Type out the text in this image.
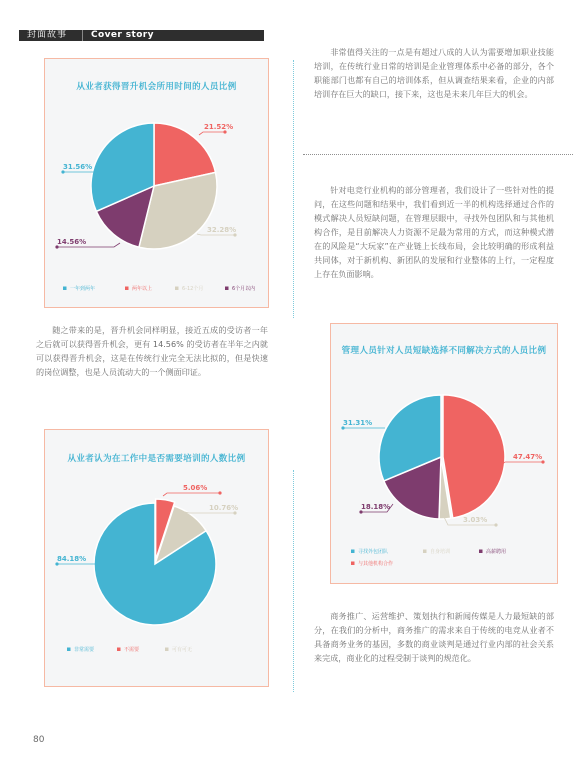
封面故事	Cover story
从业者获得晋升机会所用时间的人员比例
21.52%
32.28%
14.56%
31.56%
一年到两年	两年以上	6-12个月	6个月以内
从业者认为在工作中是否需要培训的人数比例
5.06%
10.76%
84.18%
非常需要	不需要	可有可无
管理人员针对人员短缺选择不同解决方式的人员比例
47.47%
3.03%
18.18%
31.31%
寻找外包团队
与其他机构合作
自身培训	高薪聘用

非常值得关注的一点是有超过八成的人认为需要增加职业技能培训，在传统行业日常的培训是企业管理体系中必备的部分，各个职能部门也都有自己的培训体系，但从调查结果来看，企业的内部培训存在巨大的缺口，接下来，这也是未来几年巨大的机会。

针对电竞行业机构的部分管理者，我们设计了一些针对性的提问，在这些问题和结果中，我们看到近一半的机构选择通过合作的模式解决人员短缺问题，在管理层眼中，寻找外包团队和与其他机构合作，是目前解决人力资源不足最为常用的方式，而这种模式潜在的风险是“大玩家”在产业链上长线布局，会比较明确的形成利益共同体，对于新机构、新团队的发展和行业整体的上行，一定程度上存在负面影响。

随之带来的是，晋升机会同样明显，接近五成的受访者一年之后就可以获得晋升机会，更有 14.56% 的受访者在半年之内就可以获得晋升机会，这是在传统行业完全无法比拟的，但是快速的岗位调整，也是人员流动大的一个侧面印证。

商务推广、运营维护、策划执行和新闻传媒是人力最短缺的部分，在我们的分析中，商务推广的需求来自于传统的电竞从业者不具备商务业务的基因，多数的商业谈判是通过行业内部的社会关系来完成，商业化的过程受制于谈判的规范化。

80
